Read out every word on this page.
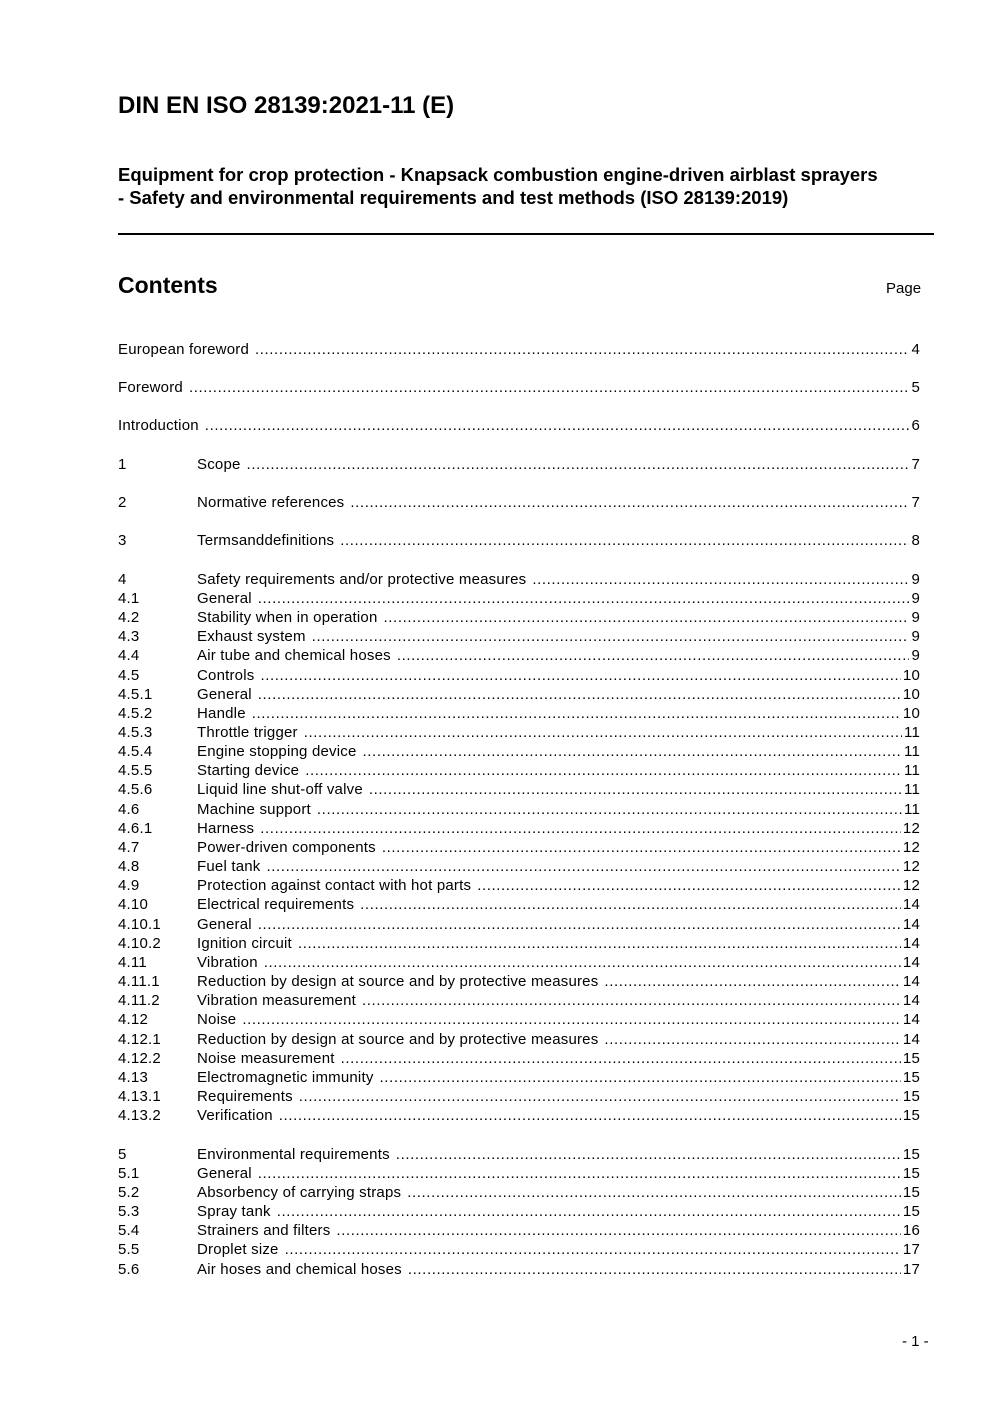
DIN EN ISO 28139:2021-11 (E)
Equipment for crop protection - Knapsack combustion engine-driven airblast sprayers - Safety and environmental requirements and test methods (ISO 28139:2019)
Contents	Page
European foreword .....	4
Foreword .....	5
Introduction .....	6
1	Scope .....	7
2	Normative references .....	7
3	Termsanddefinitions .....	8
4	Safety requirements and/or protective measures .....	9
4.1	General .....	9
4.2	Stability when in operation .....	9
4.3	Exhaust system .....	9
4.4	Air tube and chemical hoses .....	9
4.5	Controls .....	10
4.5.1	General .....	10
4.5.2	Handle .....	10
4.5.3	Throttle trigger .....	11
4.5.4	Engine stopping device .....	11
4.5.5	Starting device .....	11
4.5.6	Liquid line shut-off valve .....	11
4.6	Machine support .....	11
4.6.1	Harness .....	12
4.7	Power-driven components .....	12
4.8	Fuel tank .....	12
4.9	Protection against contact with hot parts .....	12
4.10	Electrical requirements .....	14
4.10.1	General .....	14
4.10.2	Ignition circuit .....	14
4.11	Vibration .....	14
4.11.1	Reduction by design at source and by protective measures .....	14
4.11.2	Vibration measurement .....	14
4.12	Noise .....	14
4.12.1	Reduction by design at source and by protective measures .....	14
4.12.2	Noise measurement .....	15
4.13	Electromagnetic immunity .....	15
4.13.1	Requirements .....	15
4.13.2	Verification .....	15
5	Environmental requirements .....	15
5.1	General .....	15
5.2	Absorbency of carrying straps .....	15
5.3	Spray tank .....	15
5.4	Strainers and filters .....	16
5.5	Droplet size .....	17
5.6	Air hoses and chemical hoses .....	17
- 1 -
